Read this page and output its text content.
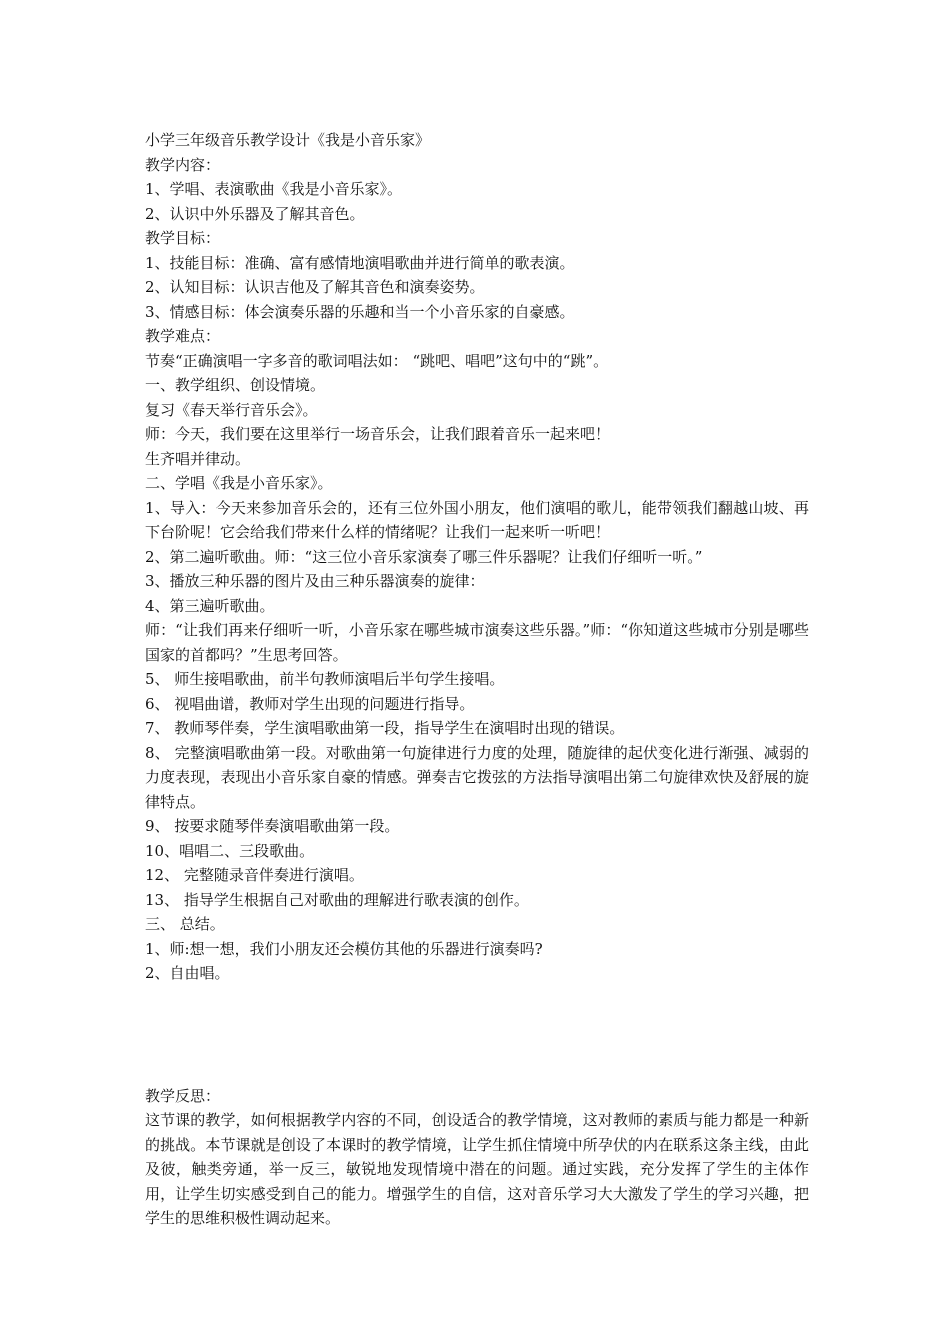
小学三年级音乐教学设计《我是小音乐家》
教学内容：
1、学唱、表演歌曲《我是小音乐家》。
2、认识中外乐器及了解其音色。
教学目标：
1、技能目标：准确、富有感情地演唱歌曲并进行简单的歌表演。
2、认知目标：认识吉他及了解其音色和演奏姿势。
3、情感目标：体会演奏乐器的乐趣和当一个小音乐家的自豪感。
教学难点：
节奏“正确演唱一字多音的歌词唱法如： “跳吧、唱吧”这句中的“跳”。
一、教学组织、创设情境。
复习《春天举行音乐会》。
师：今天，我们要在这里举行一场音乐会，让我们跟着音乐一起来吧！
生齐唱并律动。
二、学唱《我是小音乐家》。
1、导入：今天来参加音乐会的，还有三位外国小朋友，他们演唱的歌儿，能带领我们翻越山坡、再下台阶呢！它会给我们带来什么样的情绪呢？让我们一起来听一听吧！
2、第二遍听歌曲。师：“这三位小音乐家演奏了哪三件乐器呢？让我们仔细听一听。”
3、播放三种乐器的图片及由三种乐器演奏的旋律：
4、第三遍听歌曲。
师：“让我们再来仔细听一听，小音乐家在哪些城市演奏这些乐器。”师：“你知道这些城市分别是哪些国家的首都吗？”生思考回答。
5、 师生接唱歌曲，前半句教师演唱后半句学生接唱。
6、 视唱曲谱，教师对学生出现的问题进行指导。
7、 教师琴伴奏，学生演唱歌曲第一段，指导学生在演唱时出现的错误。
8、 完整演唱歌曲第一段。对歌曲第一句旋律进行力度的处理，随旋律的起伏变化进行渐强、减弱的力度表现，表现出小音乐家自豪的情感。弹奏吉它拨弦的方法指导演唱出第二句旋律欢快及舒展的旋律特点。
9、 按要求随琴伴奏演唱歌曲第一段。
10、唱唱二、三段歌曲。
12、 完整随录音伴奏进行演唱。
13、 指导学生根据自己对歌曲的理解进行歌表演的创作。
三、 总结。
1、师:想一想，我们小朋友还会模仿其他的乐器进行演奏吗?
2、自由唱。
教学反思：
这节课的教学，如何根据教学内容的不同，创设适合的教学情境，这对教师的素质与能力都是一种新的挑战。本节课就是创设了本课时的教学情境，让学生抓住情境中所孕伏的内在联系这条主线，由此及彼，触类旁通，举一反三，敏锐地发现情境中潜在的问题。通过实践，充分发挥了学生的主体作用，让学生切实感受到自己的能力。增强学生的自信，这对音乐学习大大激发了学生的学习兴趣，把学生的思维积极性调动起来。
